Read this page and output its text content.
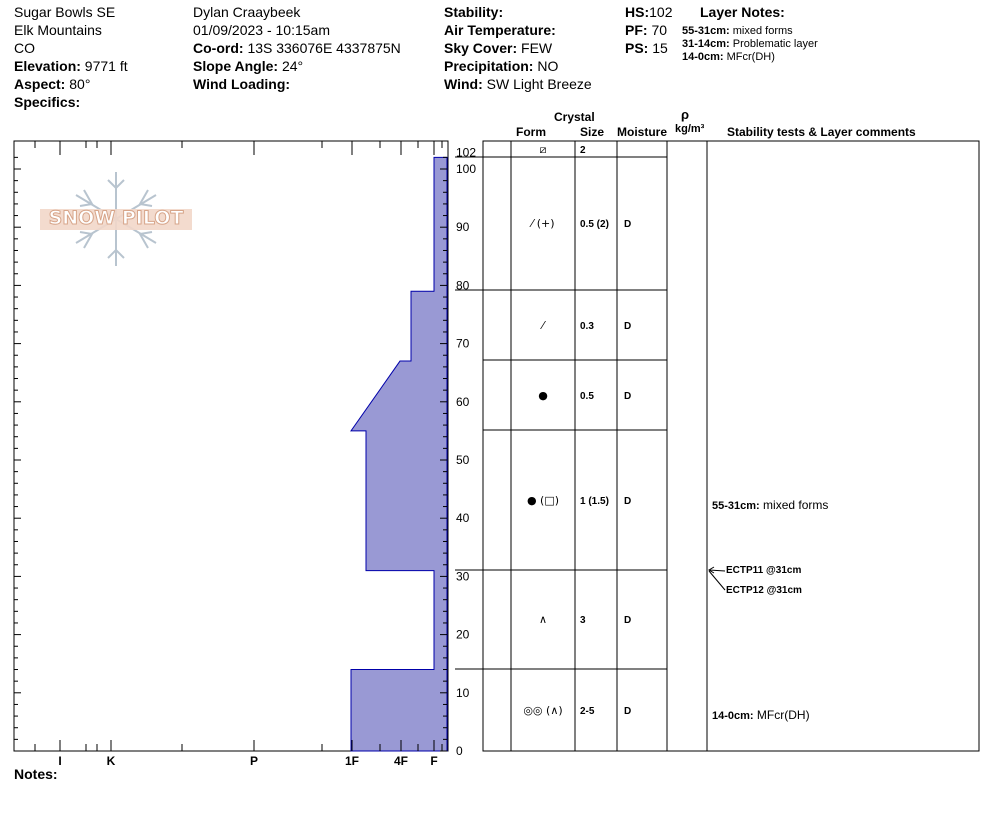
Sugar Bowls SE
Elk Mountains
CO
Elevation: 9771 ft
Aspect: 80°
Specifics:
Dylan Craaybeek
01/09/2023 - 10:15am
Co-ord: 13S 336076E 4337875N
Slope Angle: 24°
Wind Loading:
Stability:
Air Temperature:
Sky Cover: FEW
Precipitation: NO
Wind: SW Light Breeze
HS:102
PF: 70
PS: 15
Layer Notes:
55-31cm: mixed forms
31-14cm: Problematic layer
14-0cm: MFcr(DH)
Crystal
Form	Size Moisture
ρ
kg/m³ Stability tests & Layer comments
SNOW PILOT
0
10
20
30
40
50
60
70
80
90
100
102
I	K	P	1F	4F F
⧄	2
⁄ (+)	0.5 (2) D
⁄	0.3	D
●	0.5	D
● (□) 1 (1.5) D
∧	3	D
◎◎ (∧) 2-5	D
ECTP11 @31cm
ECTP12 @31cm
55-31cm: mixed forms
14-0cm: MFcr(DH)
Notes:
